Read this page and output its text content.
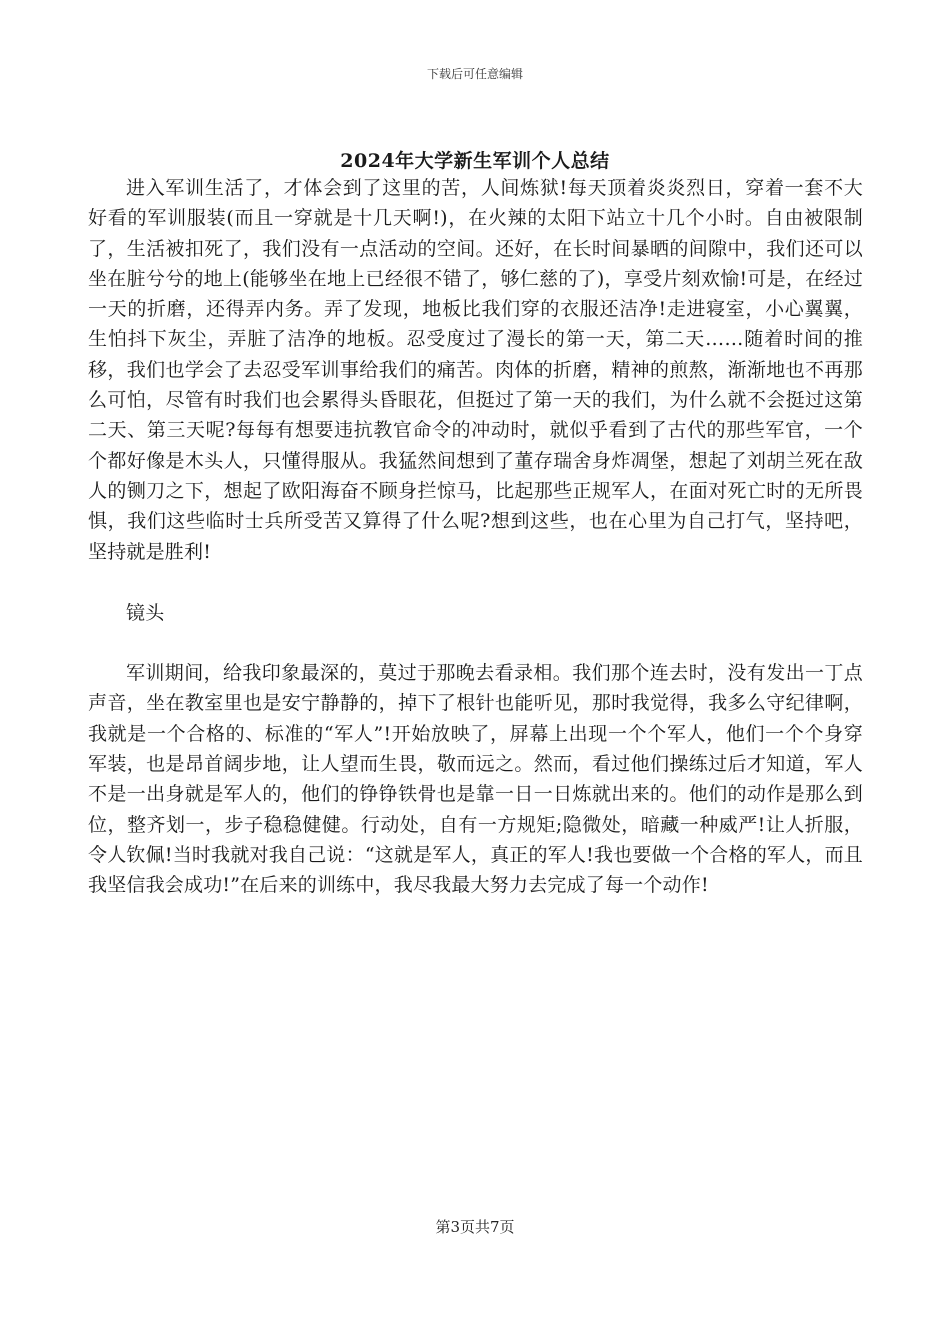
下载后可任意编辑
2024年大学新生军训个人总结

进入军训生活了，才体会到了这里的苦，人间炼狱!每天顶着炎炎烈日，穿着一套不大好看的军训服装(而且一穿就是十几天啊!)，在火辣的太阳下站立十几个小时。自由被限制了，生活被扣死了，我们没有一点活动的空间。还好，在长时间暴晒的间隙中，我们还可以坐在脏兮兮的地上(能够坐在地上已经很不错了，够仁慈的了)，享受片刻欢愉!可是，在经过一天的折磨，还得弄内务。弄了发现，地板比我们穿的衣服还洁净!走进寝室，小心翼翼，生怕抖下灰尘，弄脏了洁净的地板。忍受度过了漫长的第一天，第二天……随着时间的推移，我们也学会了去忍受军训事给我们的痛苦。肉体的折磨，精神的煎熬，渐渐地也不再那么可怕，尽管有时我们也会累得头昏眼花，但挺过了第一天的我们，为什么就不会挺过这第二天、第三天呢?每每有想要违抗教官命令的冲动时，就似乎看到了古代的那些军官，一个个都好像是木头人，只懂得服从。我猛然间想到了董存瑞舍身炸凋堡，想起了刘胡兰死在敌人的铡刀之下，想起了欧阳海奋不顾身拦惊马，比起那些正规军人，在面对死亡时的无所畏惧，我们这些临时士兵所受苦又算得了什么呢?想到这些，也在心里为自己打气，坚持吧，坚持就是胜利!

镜头

军训期间，给我印象最深的，莫过于那晚去看录相。我们那个连去时，没有发出一丁点声音，坐在教室里也是安宁静静的，掉下了根针也能听见，那时我觉得，我多么守纪律啊，我就是一个合格的、标准的“军人”!开始放映了，屏幕上出现一个个军人，他们一个个身穿军装，也是昂首阔步地，让人望而生畏，敬而远之。然而，看过他们操练过后才知道，军人不是一出身就是军人的，他们的铮铮铁骨也是靠一日一日炼就出来的。他们的动作是那么到位，整齐划一，步子稳稳健健。行动处，自有一方规矩;隐微处，暗藏一种威严!让人折服，令人钦佩!当时我就对我自己说：“这就是军人，真正的军人!我也要做一个合格的军人，而且我坚信我会成功!”在后来的训练中，我尽我最大努力去完成了每一个动作!

第3页共7页
